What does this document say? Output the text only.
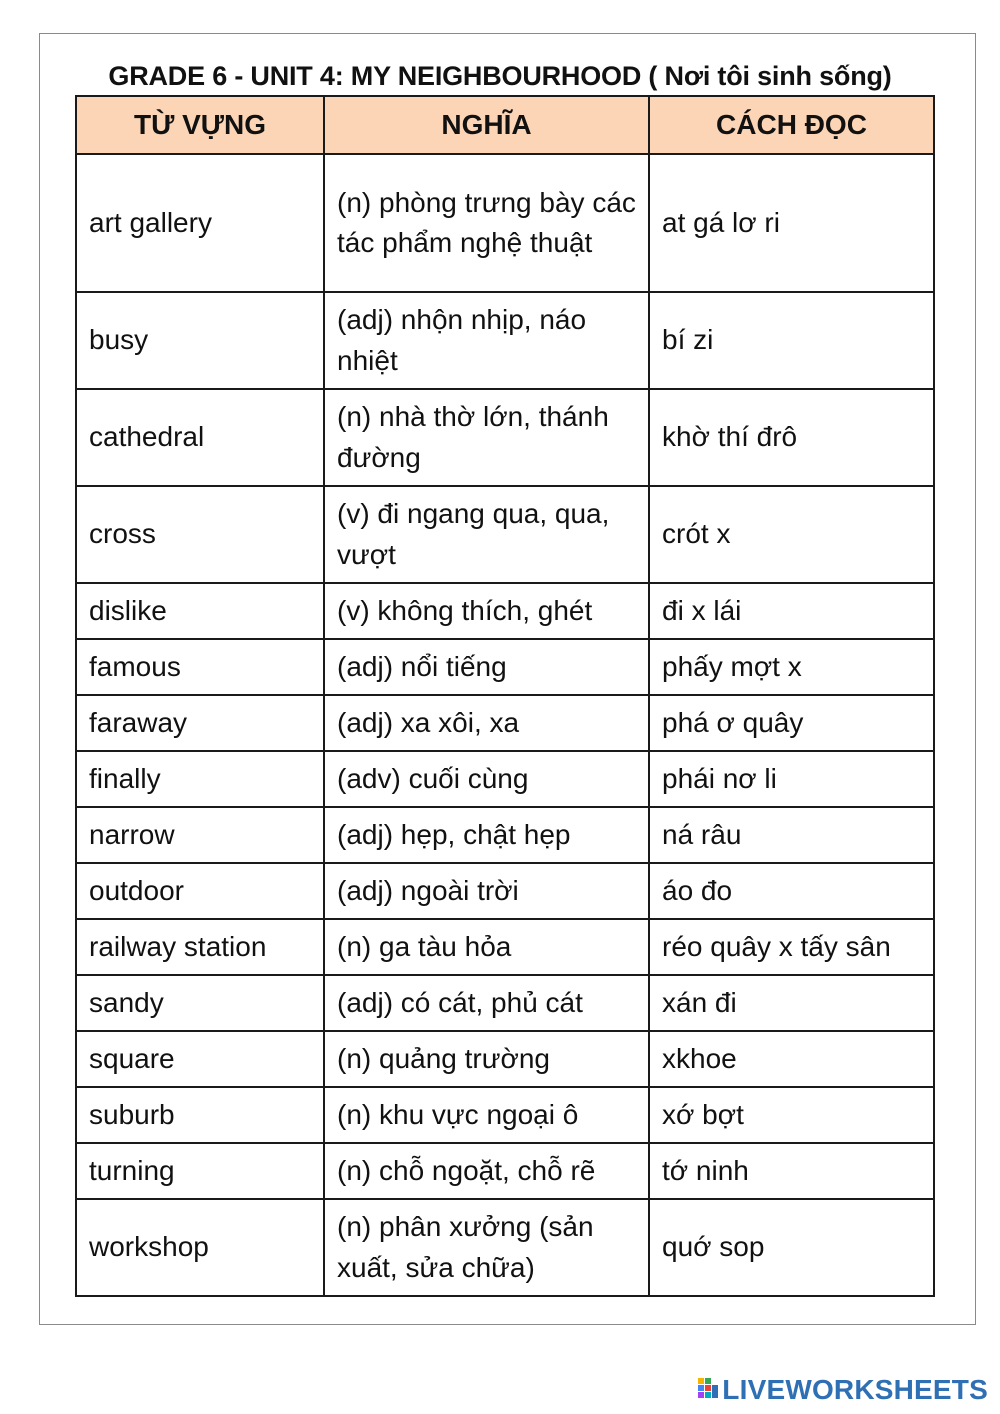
GRADE 6 - UNIT 4: MY NEIGHBOURHOOD ( Nơi tôi sinh sống)
TỪ VỰNG	NGHĨA	CÁCH ĐỌC
art gallery	(n) phòng trưng bày các tác phẩm nghệ thuật	at gá lơ ri
busy	(adj) nhộn nhịp, náo nhiệt	bí zi
cathedral	(n) nhà thờ lớn, thánh đường	khờ thí đrô
cross	(v) đi ngang qua, qua, vượt	crót x
dislike	(v) không thích, ghét	đi x lái
famous	(adj) nổi tiếng	phấy mợt x
faraway	(adj) xa xôi, xa	phá ơ quây
finally	(adv) cuối cùng	phái nơ li
narrow	(adj) hẹp, chật hẹp	ná râu
outdoor	(adj) ngoài trời	áo đo
railway station	(n) ga tàu hỏa	réo quây x tấy sân
sandy	(adj) có cát, phủ cát	xán đi
square	(n) quảng trường	xkhoe
suburb	(n) khu vực ngoại ô	xớ bợt
turning	(n) chỗ ngoặt, chỗ rẽ	tớ ninh
workshop	(n) phân xưởng (sản xuất, sửa chữa)	quớ sop
LIVEWORKSHEETS
